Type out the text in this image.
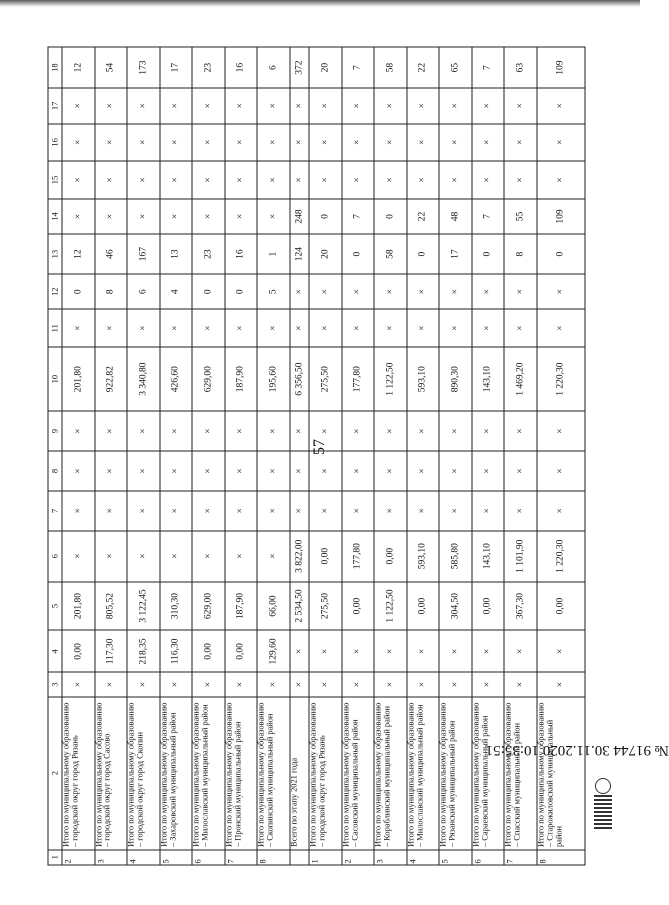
57
1	2	3	4	5	6	7	8	9	10	11	12	13	14	15	16	17	18
2	Итого по муниципальному образованию – городской округ город Рязань	×	0,00	201,80	×	×	×	×	201,80	×	0	12	×	×	×	×	12
3	Итого по муниципальному образованию – городской округ город Сасово	×	117,30	805,52	×	×	×	×	922,82	×	8	46	×	×	×	×	54
4	Итого по муниципальному образованию – городской округ город Скопин	×	218,35	3 122,45	×	×	×	×	3 340,80	×	6	167	×	×	×	×	173
5	Итого по муниципальному образованию – Захаровский муниципальный район	×	116,30	310,30	×	×	×	×	426,60	×	4	13	×	×	×	×	17
6	Итого по муниципальному образованию – Милославский муниципальный район	×	0,00	629,00	×	×	×	×	629,00	×	0	23	×	×	×	×	23
7	Итого по муниципальному образованию – Пронский муниципальный район	×	0,00	187,90	×	×	×	×	187,90	×	0	16	×	×	×	×	16
8	Итого по муниципальному образованию – Скопинский муниципальный район	×	129,60	66,00	×	×	×	×	195,60	×	5	1	×	×	×	×	6
	Всего по этапу 2021 года	×	×	2 534,50	3 822,00	×	×	×	6 356,50	×	×	124	248	×	×	×	372
1	Итого по муниципальному образованию – городской округ город Рязань	×	×	275,50	0,00	×	×	×	275,50	×	×	20	0	×	×	×	20
2	Итого по муниципальному образованию – Сасовский муниципальный район	×	×	0,00	177,80	×	×	×	177,80	×	×	0	7	×	×	×	7
3	Итого по муниципальному образованию – Кораблинский муниципальный район	×	×	1 122,50	0,00	×	×	×	1 122,50	×	×	58	0	×	×	×	58
4	Итого по муниципальному образованию – Милославский муниципальный район	×	×	0,00	593,10	×	×	×	593,10	×	×	0	22	×	×	×	22
5	Итого по муниципальному образованию – Рязанский муниципальный район	×	×	304,50	585,80	×	×	×	890,30	×	×	17	48	×	×	×	65
6	Итого по муниципальному образованию – Сараевский муниципальный район	×	×	0,00	143,10	×	×	×	143,10	×	×	0	7	×	×	×	7
7	Итого по муниципальному образованию – Спасский муниципальный район	×	×	367,30	1 101,90	×	×	×	1 469,20	×	×	8	55	×	×	×	63
8	Итого по муниципальному образованию – Старожиловский муниципальный район	×	×	0,00	1 220,30	×	×	×	1 220,30	×	×	0	109	×	×	×	109
№ 91744 30.11.2020 10:35:51
